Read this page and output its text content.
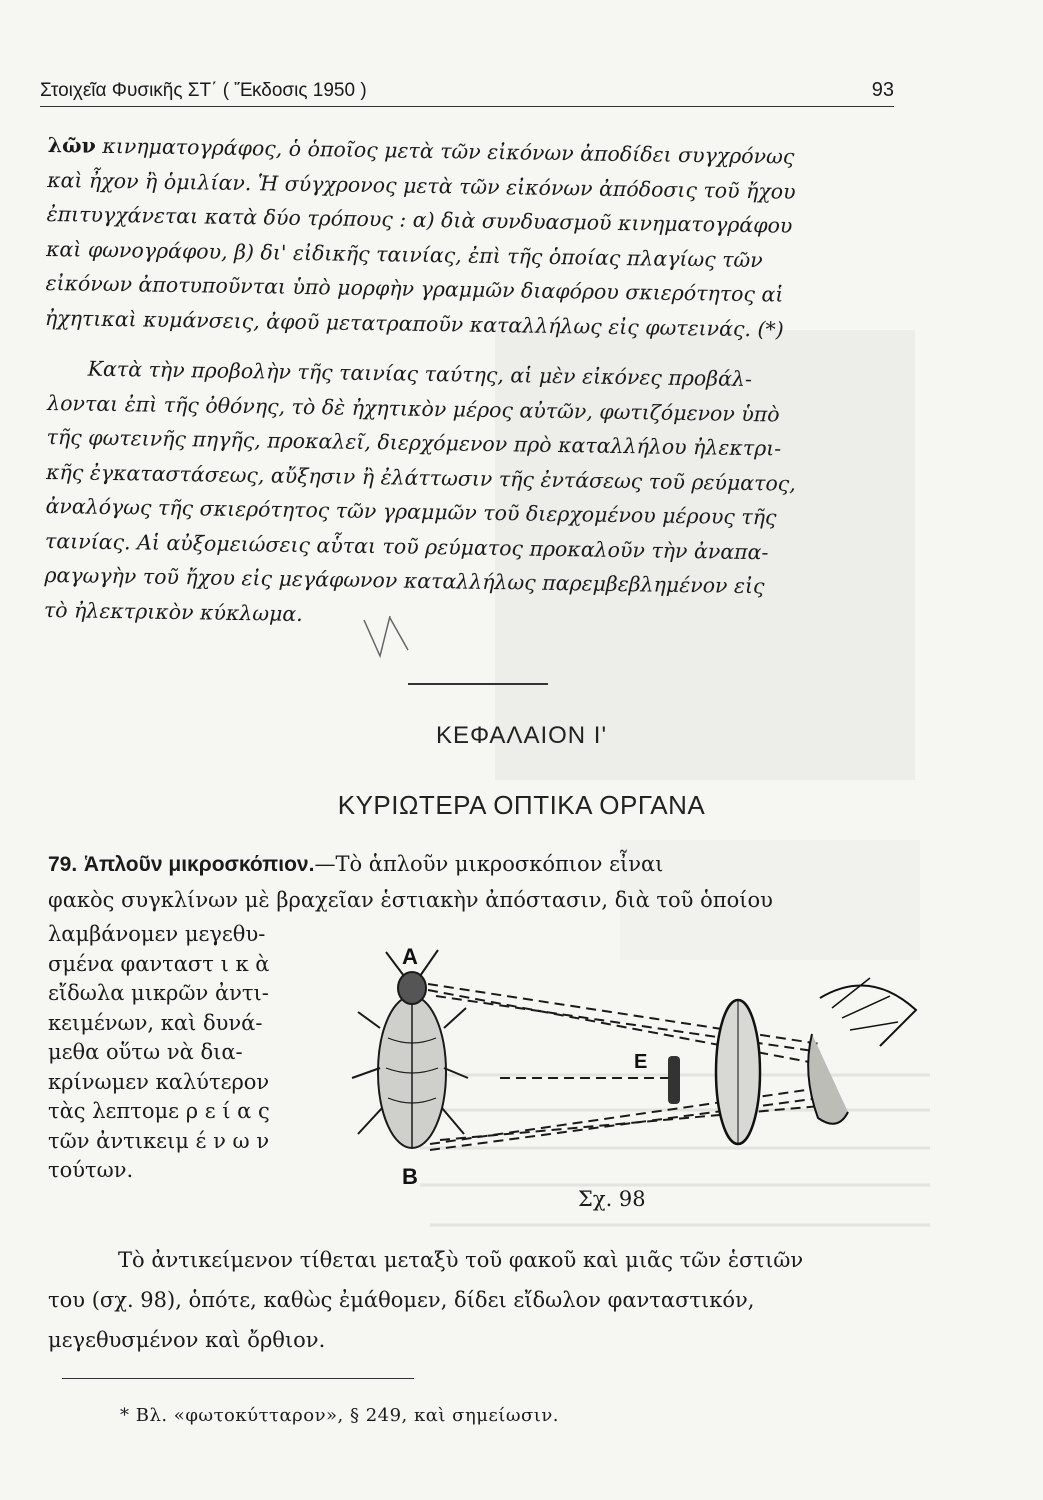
Στοιχεῖα Φυσικῆς ΣΤ΄ ( Ἔκδοσις 1950 )	93
λῶν κινηματογράφος, ὁ ὁποῖος μετὰ τῶν εἰκόνων ἀποδίδει συγχρόνως
καὶ ἦχον ἢ ὁμιλίαν. Ἡ σύγχρονος μετὰ τῶν εἰκόνων ἀπόδοσις τοῦ ἤχου
ἐπιτυγχάνεται κατὰ δύο τρόπους : α) διὰ συνδυασμοῦ κινηματογράφου
καὶ φωνογράφου, β) δι' εἰδικῆς ταινίας, ἐπὶ τῆς ὁποίας πλαγίως τῶν
εἰκόνων ἀποτυποῦνται ὑπὸ μορφὴν γραμμῶν διαφόρου σκιερότητος αἱ
ἠχητικαὶ κυμάνσεις, ἀφοῦ μετατραποῦν καταλλήλως εἰς φωτεινάς. (*)
Κατὰ τὴν προβολὴν τῆς ταινίας ταύτης, αἱ μὲν εἰκόνες προβάλ-
λονται ἐπὶ τῆς ὀθόνης, τὸ δὲ ἠχητικὸν μέρος αὐτῶν, φωτιζόμενον ὑπὸ
τῆς φωτεινῆς πηγῆς, προκαλεῖ, διερχόμενον πρὸ καταλλήλου ἠλεκτρι-
κῆς ἐγκαταστάσεως, αὔξησιν ἢ ἐλάττωσιν τῆς ἐντάσεως τοῦ ρεύματος,
ἀναλόγως τῆς σκιερότητος τῶν γραμμῶν τοῦ διερχομένου μέρους τῆς
ταινίας. Αἱ αὐξομειώσεις αὗται τοῦ ρεύματος προκαλοῦν τὴν ἀναπα-
ραγωγὴν τοῦ ἤχου εἰς μεγάφωνον καταλλήλως παρεμβεβλημένον εἰς
τὸ ἠλεκτρικὸν κύκλωμα.
ΚΕΦΑΛΑΙΟΝ Ι'
ΚΥΡΙΩΤΕΡΑ ΟΠΤΙΚΑ ΟΡΓΑΝΑ

79. Ἁπλοῦν μικροσκόπιον.—Τὸ ἁπλοῦν μικροσκόπιον εἶναι

φακὸς συγκλίνων μὲ βραχεῖαν ἑστιακὴν ἀπόστασιν, διὰ τοῦ ὁποίου

λαμβάνομεν μεγεθυ-
σμένα φανταστ ι κ ὰ
εἴδωλα μικρῶν ἀντι-
κειμένων, καὶ δυνά-
μεθα οὕτω νὰ δια-
κρίνωμεν καλύτερον
τὰς λεπτομε ρ ε ί α ς
τῶν ἀντικειμ έ ν ω ν
τούτων.
A
B
E
Σχ. 98
Τὸ ἀντικείμενον τίθεται μεταξὺ τοῦ φακοῦ καὶ μιᾶς τῶν ἑστιῶν
του (σχ. 98), ὁπότε, καθὼς ἐμάθομεν, δίδει εἴδωλον φανταστικόν,
μεγεθυσμένον καὶ ὄρθιον.
* Βλ. «φωτοκύτταρον», § 249, καὶ σημείωσιν.
